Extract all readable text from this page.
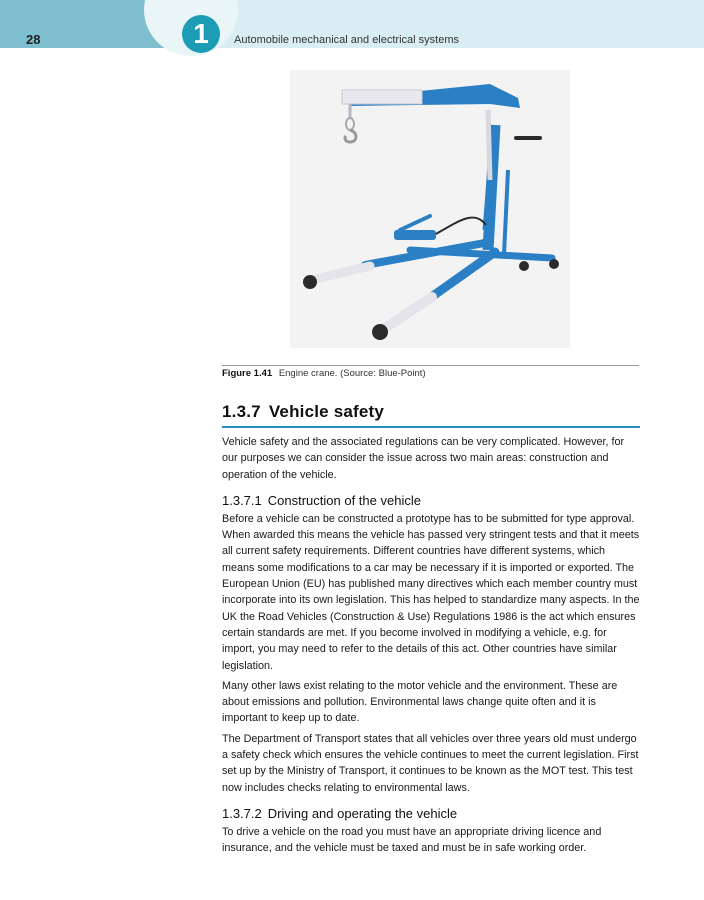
1
28	Automobile mechanical and electrical systems
Figure 1.41 Engine crane. (Source: Blue-Point)
1.3.7 Vehicle safety

Vehicle safety and the associated regulations can be very complicated. However, for our purposes we can consider the issue across two main areas: construction and operation of the vehicle.

1.3.7.1 Construction of the vehicle

Before a vehicle can be constructed a prototype has to be submitted for type approval. When awarded this means the vehicle has passed very stringent tests and that it meets all current safety requirements. Different countries have different systems, which means some modifications to a car may be necessary if it is imported or exported. The European Union (EU) has published many directives which each member country must incorporate into its own legislation. This has helped to standardize many aspects. In the UK the Road Vehicles (Construction & Use) Regulations 1986 is the act which ensures certain standards are met. If you become involved in modifying a vehicle, e.g. for import, you may need to refer to the details of this act. Other countries have similar legislation.

Many other laws exist relating to the motor vehicle and the environment. These are about emissions and pollution. Environmental laws change quite often and it is important to keep up to date.

The Department of Transport states that all vehicles over three years old must undergo a safety check which ensures the vehicle continues to meet the current legislation. First set up by the Ministry of Transport, it continues to be known as the MOT test. This test now includes checks relating to environmental laws.

1.3.7.2 Driving and operating the vehicle

To drive a vehicle on the road you must have an appropriate driving licence and insurance, and the vehicle must be taxed and must be in safe working order.
